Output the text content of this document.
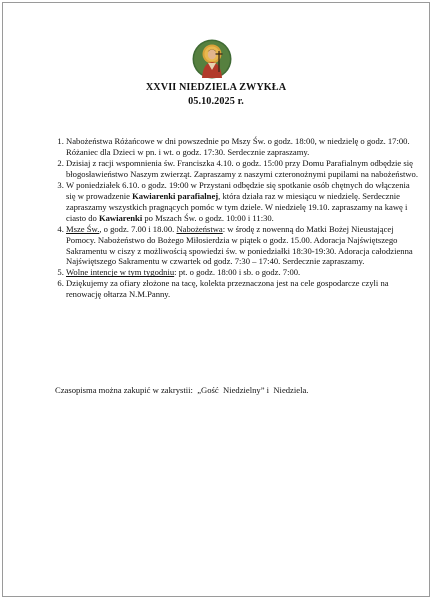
XXVII NIEDZIELA ZWYKŁA
05.10.2025 r.
1. Nabożeństwa Różańcowe w dni powszednie po Mszy Św. o godz. 18:00, w niedzielę o godz. 17:00. Różaniec dla Dzieci w pn. i wt. o godz. 17:30. Serdecznie zapraszamy.
2. Dzisiaj z racji wspomnienia św. Franciszka 4.10. o godz. 15:00 przy Domu Parafialnym odbędzie się błogosławieństwo Naszym zwierząt. Zapraszamy z naszymi czteronożnymi pupilami na nabożeństwo.
3. W poniedziałek 6.10. o godz. 19:00 w Przystani odbędzie się spotkanie osób chętnych do włączenia się w prowadzenie Kawiarenki parafialnej, która działa raz w miesiącu w niedzielę. Serdecznie zapraszamy wszystkich pragnących pomóc w tym dziele. W niedzielę 19.10. zapraszamy na kawę i ciasto do Kawiarenki po Mszach Św. o godz. 10:00 i 11:30.
4. Msze Św., o godz. 7.00 i 18.00. Nabożeństwa: w środę z nowenną do Matki Bożej Nieustającej Pomocy. Nabożeństwo do Bożego Miłosierdzia w piątek o godz. 15.00. Adoracja Najświętszego Sakramentu w ciszy z możliwością spowiedzi św. w poniedziałki 18:30-19:30. Adoracja całodzienna Najświętszego Sakramentu w czwartek od godz. 7:30 – 17:40. Serdecznie zapraszamy.
5. Wolne intencje w tym tygodniu: pt. o godz. 18:00 i sb. o godz. 7:00.
6. Dziękujemy za ofiary złożone na tacę, kolekta przeznaczona jest na cele gospodarcze czyli na renowację ołtarza N.M.Panny.
Czasopisma można zakupić w zakrystii:  „Gość  Niedzielny” i  Niedziela.
